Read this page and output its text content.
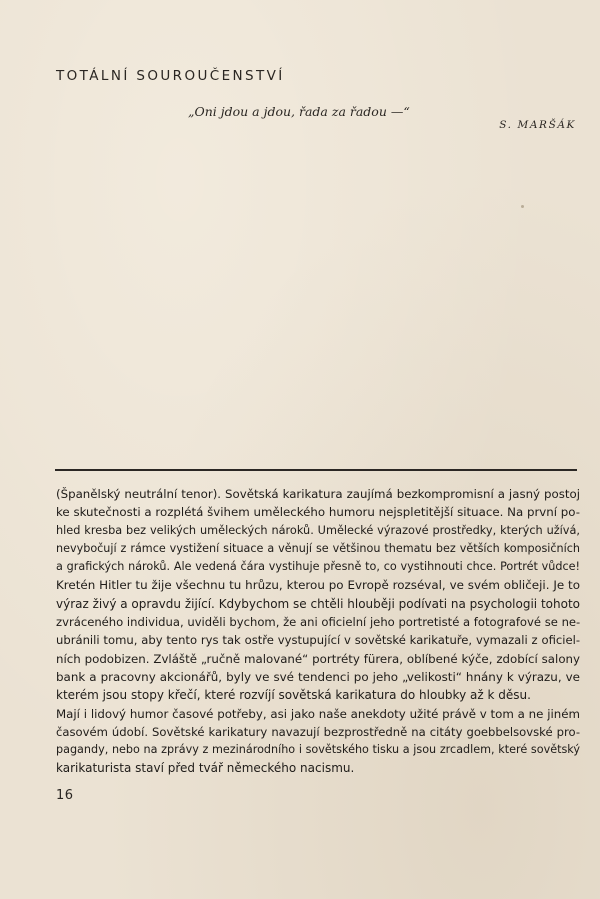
TOTÁLNÍ SOUROUČENSTVÍ
„Oni jdou a jdou, řada za řadou —“
S. MARŠÁK
(Španělský neutrální tenor). Sovětská karikatura zaujímá bezkompromisní a jasný postoj
ke skutečnosti a rozplétá švihem uměleckého humoru nejspletitější situace. Na první po-
hled kresba bez velikých uměleckých nároků. Umělecké výrazové prostředky, kterých užívá,
nevybočují z rámce vystižení situace a věnují se většinou thematu bez větších komposičních
a grafických nároků. Ale vedená čára vystihuje přesně to, co vystihnouti chce. Portrét vůdce!
Kretén Hitler tu žije všechnu tu hrůzu, kterou po Evropě rozséval, ve svém obličeji. Je to
výraz živý a opravdu žijící. Kdybychom se chtěli hlouběji podívati na psychologii tohoto
zvráceného individua, uviděli bychom, že ani oficielní jeho portretisté a fotografové se ne-
ubránili tomu, aby tento rys tak ostře vystupující v sovětské karikatuře, vymazali z oficiel-
ních podobizen. Zvláště „ručně malované“ portréty fürera, oblíbené kýče, zdobící salony
bank a pracovny akcionářů, byly ve své tendenci po jeho „velikosti“ hnány k výrazu, ve
kterém jsou stopy křečí, které rozvíjí sovětská karikatura do hloubky až k děsu.
Mají i lidový humor časové potřeby, asi jako naše anekdoty užité právě v tom a ne jiném
časovém údobí. Sovětské karikatury navazují bezprostředně na citáty goebbelsovské pro-
pagandy, nebo na zprávy z mezinárodního i sovětského tisku a jsou zrcadlem, které sovětský
karikaturista staví před tvář německého nacismu.
16
